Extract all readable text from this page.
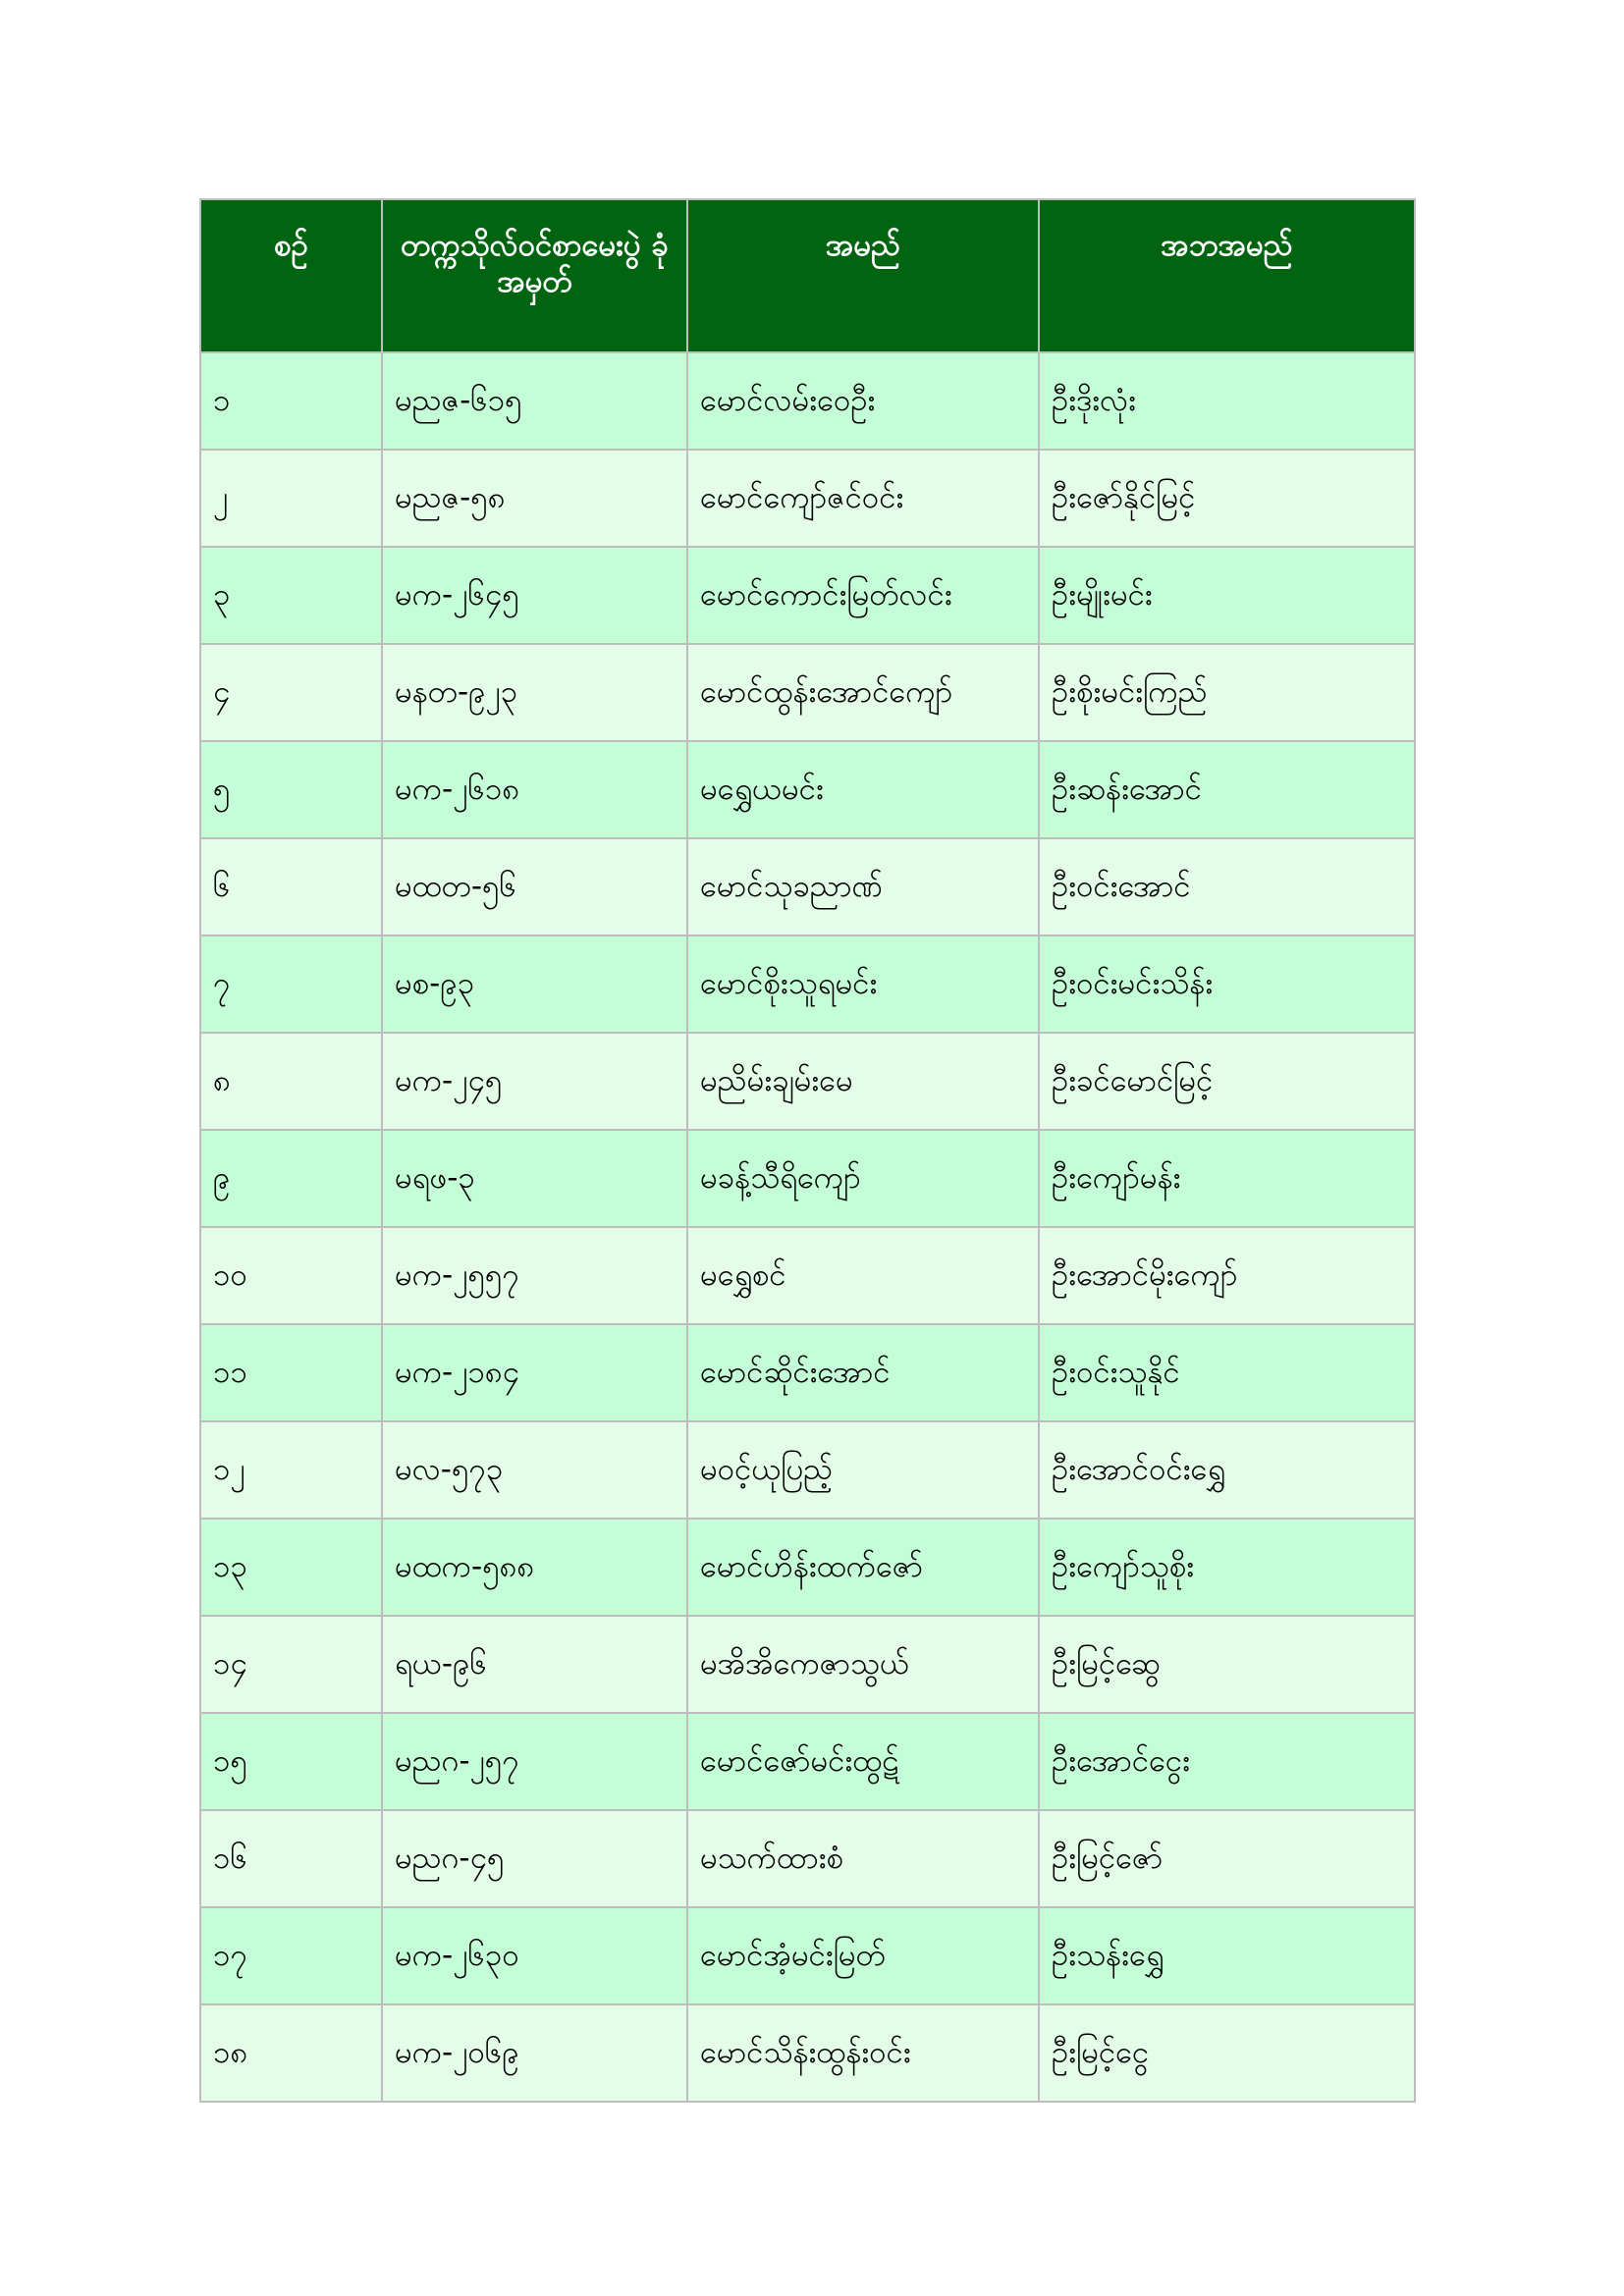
စဉ်	တက္ကသိုလ်ဝင်စာမေးပွဲ ခုံအမှတ်	အမည်	အဘအမည်
၁	မညဇ-၆၁၅	မောင်လမ်းဝေဦး	ဦးဒိုးလုံး
၂	မညဇ-၅၈	မောင်ကျော်ဇင်ဝင်း	ဦးဇော်နိုင်မြင့်
၃	မက-၂၆၄၅	မောင်ကောင်းမြတ်လင်း	ဦးမျိုးမင်း
၄	မနတ-၉၂၃	မောင်ထွန်းအောင်ကျော်	ဦးစိုးမင်းကြည်
၅	မက-၂၆၁၈	မရွှေယမင်း	ဦးဆန်းအောင်
၆	မထတ-၅၆	မောင်သုခညာဏ်	ဦးဝင်းအောင်
၇	မစ-၉၃	မောင်စိုးသူရမင်း	ဦးဝင်းမင်းသိန်း
၈	မက-၂၄၅	မညိမ်းချမ်းမေ	ဦးခင်မောင်မြင့်
၉	မရဖ-၃	မခန့်သီရိကျော်	ဦးကျော်မန်း
၁၀	မက-၂၅၅၇	မရွှေစင်	ဦးအောင်မိုးကျော်
၁၁	မက-၂၁၈၄	မောင်ဆိုင်းအောင်	ဦးဝင်းသူနိုင်
၁၂	မလ-၅၇၃	မဝင့်ယုပြည့်	ဦးအောင်ဝင်းရွှေ
၁၃	မထက-၅၈၈	မောင်ဟိန်းထက်ဇော်	ဦးကျော်သူစိုး
၁၄	ရယ-၉၆	မအိအိကေဇာသွယ်	ဦးမြင့်ဆွေ
၁၅	မညဂ-၂၅၇	မောင်ဇော်မင်းထွဋ်	ဦးအောင်ငွေး
၁၆	မညဂ-၄၅	မသက်ထားစံ	ဦးမြင့်ဇော်
၁၇	မက-၂၆၃၀	မောင်အံ့မင်းမြတ်	ဦးသန်းရွှေ
၁၈	မက-၂၀၆၉	မောင်သိန်းထွန်းဝင်း	ဦးမြင့်ငွေ
